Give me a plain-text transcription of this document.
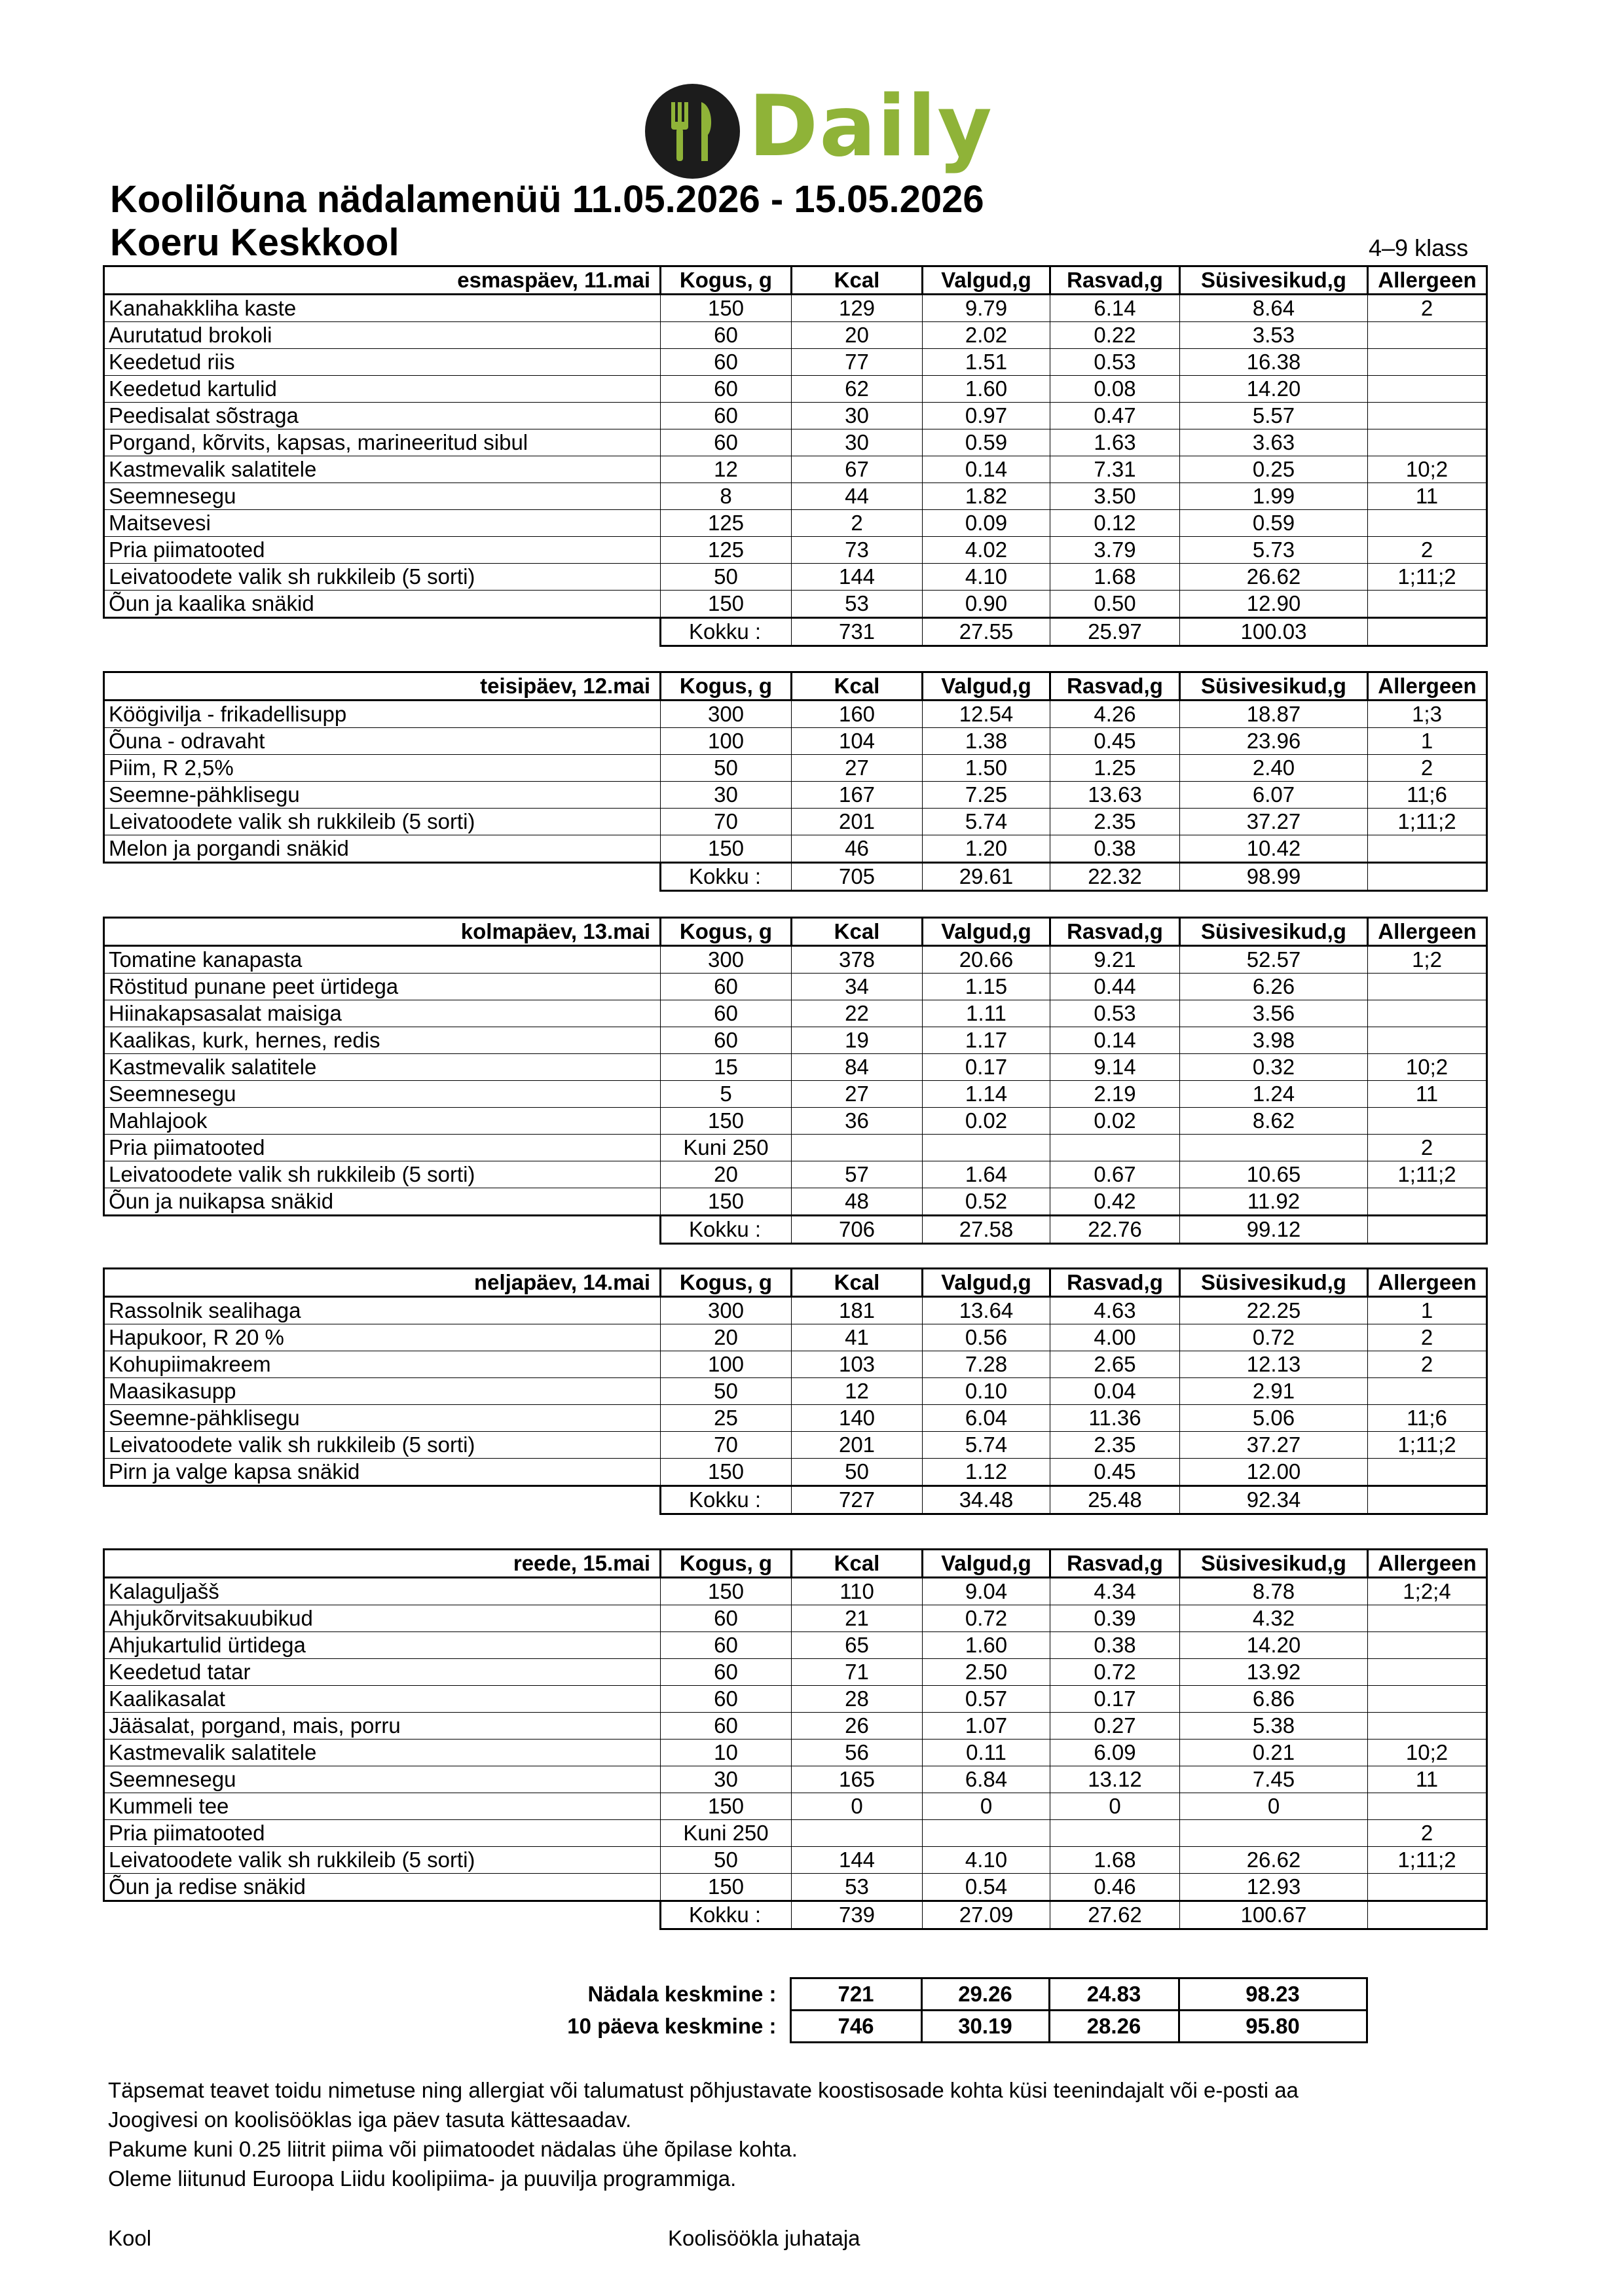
Daily
Koolilõuna nädalamenüü 11.05.2026 - 15.05.2026
Koeru Keskkool	4–9 klass
esmaspäev, 11.mai	Kogus, g	Kcal	Valgud,g	Rasvad,g	Süsivesikud,g	Allergeen
Kanahakkliha kaste	150	129	9.79	6.14	8.64	2
Aurutatud brokoli	60	20	2.02	0.22	3.53	
Keedetud riis	60	77	1.51	0.53	16.38	
Keedetud kartulid	60	62	1.60	0.08	14.20	
Peedisalat sõstraga	60	30	0.97	0.47	5.57	
Porgand, kõrvits, kapsas, marineeritud sibul	60	30	0.59	1.63	3.63	
Kastmevalik salatitele	12	67	0.14	7.31	0.25	10;2
Seemnesegu	8	44	1.82	3.50	1.99	11
Maitsevesi	125	2	0.09	0.12	0.59	
Pria piimatooted	125	73	4.02	3.79	5.73	2
Leivatoodete valik sh rukkileib (5 sorti)	50	144	4.10	1.68	26.62	1;11;2
Õun ja kaalika snäkid	150	53	0.90	0.50	12.90	
	Kokku :	731	27.55	25.97	100.03	
teisipäev, 12.mai	Kogus, g	Kcal	Valgud,g	Rasvad,g	Süsivesikud,g	Allergeen
Köögivilja - frikadellisupp	300	160	12.54	4.26	18.87	1;3
Õuna - odravaht	100	104	1.38	0.45	23.96	1
Piim, R 2,5%	50	27	1.50	1.25	2.40	2
Seemne-pähklisegu	30	167	7.25	13.63	6.07	11;6
Leivatoodete valik sh rukkileib (5 sorti)	70	201	5.74	2.35	37.27	1;11;2
Melon ja porgandi snäkid	150	46	1.20	0.38	10.42	
	Kokku :	705	29.61	22.32	98.99	
kolmapäev, 13.mai	Kogus, g	Kcal	Valgud,g	Rasvad,g	Süsivesikud,g	Allergeen
Tomatine kanapasta	300	378	20.66	9.21	52.57	1;2
Röstitud punane peet ürtidega	60	34	1.15	0.44	6.26	
Hiinakapsasalat maisiga	60	22	1.11	0.53	3.56	
Kaalikas, kurk, hernes, redis	60	19	1.17	0.14	3.98	
Kastmevalik salatitele	15	84	0.17	9.14	0.32	10;2
Seemnesegu	5	27	1.14	2.19	1.24	11
Mahlajook	150	36	0.02	0.02	8.62	
Pria piimatooted	Kuni 250					2
Leivatoodete valik sh rukkileib (5 sorti)	20	57	1.64	0.67	10.65	1;11;2
Õun ja nuikapsa snäkid	150	48	0.52	0.42	11.92	
	Kokku :	706	27.58	22.76	99.12	
neljapäev, 14.mai	Kogus, g	Kcal	Valgud,g	Rasvad,g	Süsivesikud,g	Allergeen
Rassolnik sealihaga	300	181	13.64	4.63	22.25	1
Hapukoor, R 20 %	20	41	0.56	4.00	0.72	2
Kohupiimakreem	100	103	7.28	2.65	12.13	2
Maasikasupp	50	12	0.10	0.04	2.91	
Seemne-pähklisegu	25	140	6.04	11.36	5.06	11;6
Leivatoodete valik sh rukkileib (5 sorti)	70	201	5.74	2.35	37.27	1;11;2
Pirn ja valge kapsa snäkid	150	50	1.12	0.45	12.00	
	Kokku :	727	34.48	25.48	92.34	
reede, 15.mai	Kogus, g	Kcal	Valgud,g	Rasvad,g	Süsivesikud,g	Allergeen
Kalaguljašš	150	110	9.04	4.34	8.78	1;2;4
Ahjukõrvitsakuubikud	60	21	0.72	0.39	4.32	
Ahjukartulid ürtidega	60	65	1.60	0.38	14.20	
Keedetud tatar	60	71	2.50	0.72	13.92	
Kaalikasalat	60	28	0.57	0.17	6.86	
Jääsalat, porgand, mais, porru	60	26	1.07	0.27	5.38	
Kastmevalik salatitele	10	56	0.11	6.09	0.21	10;2
Seemnesegu	30	165	6.84	13.12	7.45	11
Kummeli tee	150	0	0	0	0	
Pria piimatooted	Kuni 250					2
Leivatoodete valik sh rukkileib (5 sorti)	50	144	4.10	1.68	26.62	1;11;2
Õun ja redise snäkid	150	53	0.54	0.46	12.93	
	Kokku :	739	27.09	27.62	100.67	
Nädala keskmine :	721	29.26	24.83	98.23
10 päeva keskmine :	746	30.19	28.26	95.80
Täpsemat teavet toidu nimetuse ning allergiat või talumatust põhjustavate koostisosade kohta küsi teenindajalt või e-posti aa
Joogivesi on koolisööklas iga päev tasuta kättesaadav.
Pakume kuni 0.25 liitrit piima või piimatoodet nädalas ühe õpilase kohta.
Oleme liitunud Euroopa Liidu koolipiima- ja puuvilja programmiga.
Kool	Koolisöökla juhataja
